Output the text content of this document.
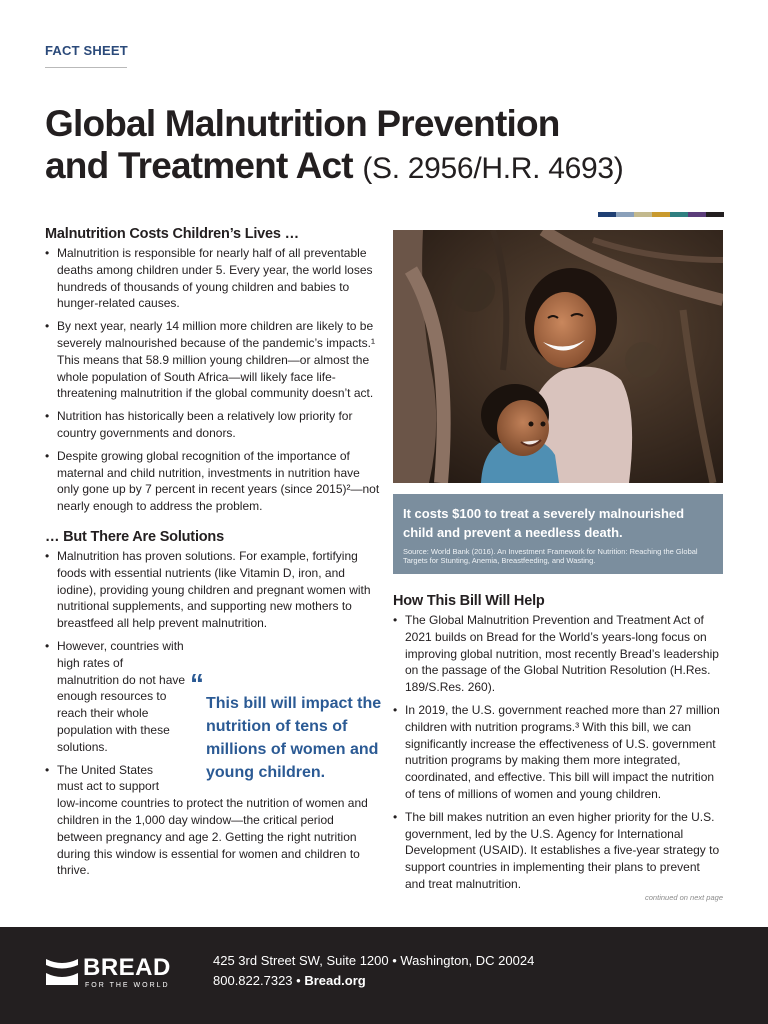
FACT SHEET
Global Malnutrition Prevention
and Treatment Act (S. 2956/H.R. 4693)
Malnutrition Costs Children’s Lives …
• Malnutrition is responsible for nearly half of all preventable deaths among children under 5. Every year, the world loses hundreds of thousands of young children and babies to hunger-related causes.
• By next year, nearly 14 million more children are likely to be severely malnourished because of the pandemic’s impacts.¹ This means that 58.9 million young children—or almost the whole population of South Africa—will likely face life-threatening malnutrition if the global community doesn’t act.
• Nutrition has historically been a relatively low priority for country governments and donors.
• Despite growing global recognition of the importance of maternal and child nutrition, investments in nutrition have only gone up by 7 percent in recent years (since 2015)²—not nearly enough to address the problem.
… But There Are Solutions
• Malnutrition has proven solutions. For example, fortifying foods with essential nutrients (like Vitamin D, iron, and iodine), providing young children and pregnant women with nutritional supplements, and supporting new mothers to breastfeed all help prevent malnutrition.
• However, countries with high rates of malnutrition do not have enough resources to reach their whole population with these solutions.
• The United States must act to support
low-income countries to protect the nutrition of women and children in the 1,000 day window—the critical period between pregnancy and age 2. Getting the right nutrition during this window is essential for women and children to thrive.
“
This bill will impact the nutrition of tens of millions of women and young children.
It costs $100 to treat a severely malnourished child and prevent a needless death.
Source: World Bank (2016). An Investment Framework for Nutrition: Reaching the Global Targets for Stunting, Anemia, Breastfeeding, and Wasting.
How This Bill Will Help
• The Global Malnutrition Prevention and Treatment Act of 2021 builds on Bread for the World’s years-long focus on improving global nutrition, most recently Bread’s leadership on the passage of the Global Nutrition Resolution (H.Res. 189/S.Res. 260).
• In 2019, the U.S. government reached more than 27 million children with nutrition programs.³ With this bill, we can significantly increase the effectiveness of U.S. government nutrition programs by making them more integrated, coordinated, and effective. This bill will impact the nutrition of tens of millions of women and young children.
• The bill makes nutrition an even higher priority for the U.S. government, led by the U.S. Agency for International Development (USAID). It establishes a five-year strategy to support countries in implementing their plans to prevent and treat malnutrition.
continued on next page
BREAD
FOR THE WORLD
425 3rd Street SW, Suite 1200 • Washington, DC 20024
800.822.7323 • Bread.org
